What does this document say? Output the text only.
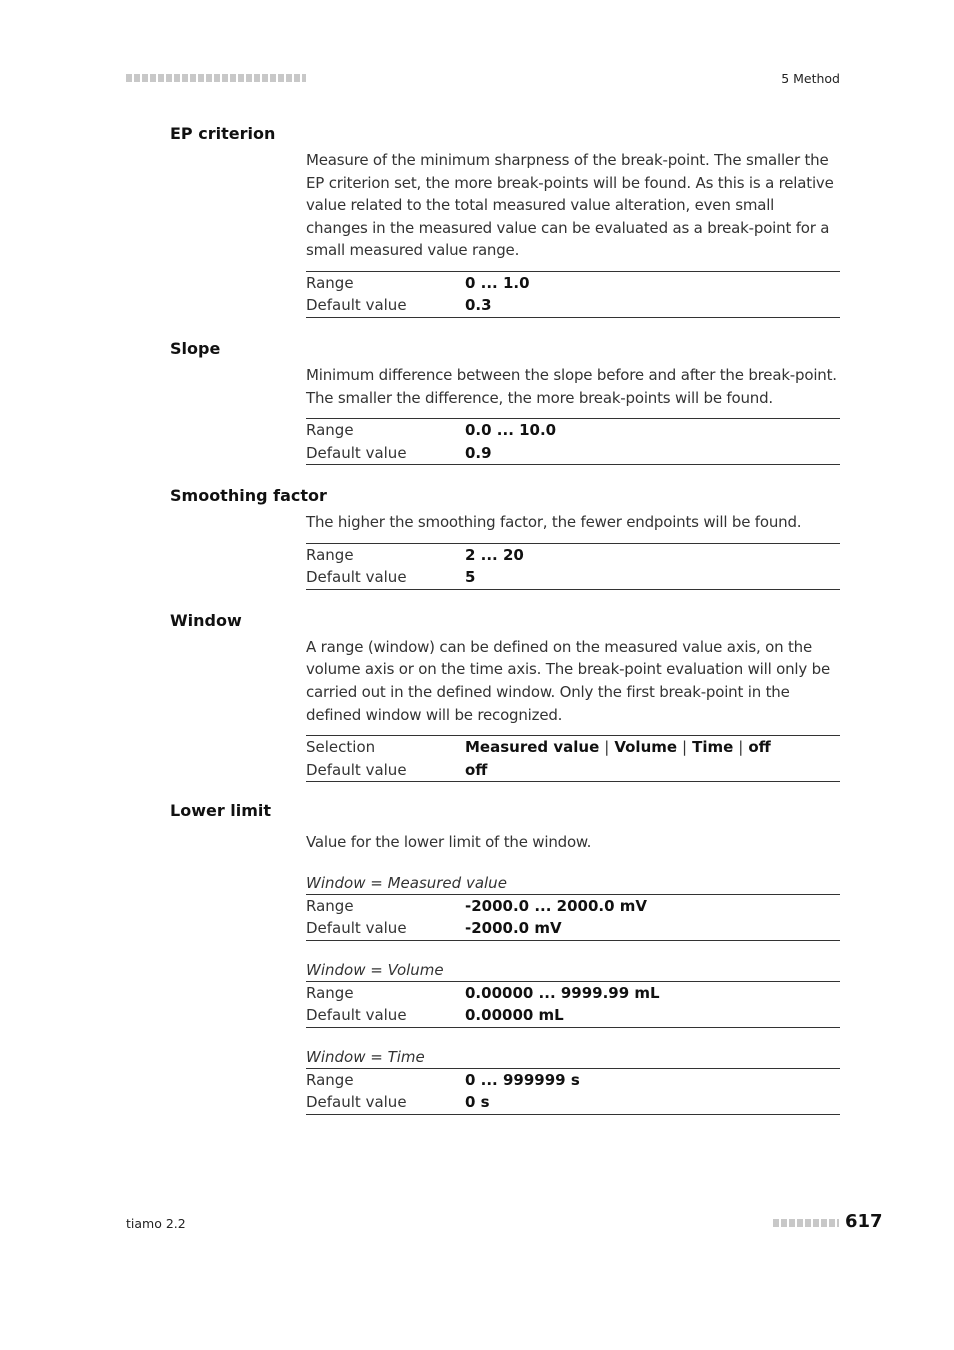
5 Method
EP criterion

Measure of the minimum sharpness of the break-point. The smaller the EP criterion set, the more break-points will be found. As this is a relative value related to the total measured value alteration, even small changes in the measured value can be evaluated as a break-point for a small measured value range.

Range	0 ... 1.0
Default value	0.3
Slope

Minimum difference between the slope before and after the break-point. The smaller the difference, the more break-points will be found.

Range	0.0 ... 10.0
Default value	0.9
Smoothing factor

The higher the smoothing factor, the fewer endpoints will be found.

Range	2 ... 20
Default value	5
Window

A range (window) can be defined on the measured value axis, on the volume axis or on the time axis. The break-point evaluation will only be carried out in the defined window. Only the first break-point in the defined window will be recognized.

Selection	Measured value | Volume | Time | off
Default value	off
Lower limit

Value for the lower limit of the window.

Window = Measured value

Range	-2000.0 ... 2000.0 mV
Default value	-2000.0 mV

Window = Volume

Range	0.00000 ... 9999.99 mL
Default value	0.00000 mL

Window = Time

Range	0 ... 999999 s
Default value	0 s
tiamo 2.2	617
